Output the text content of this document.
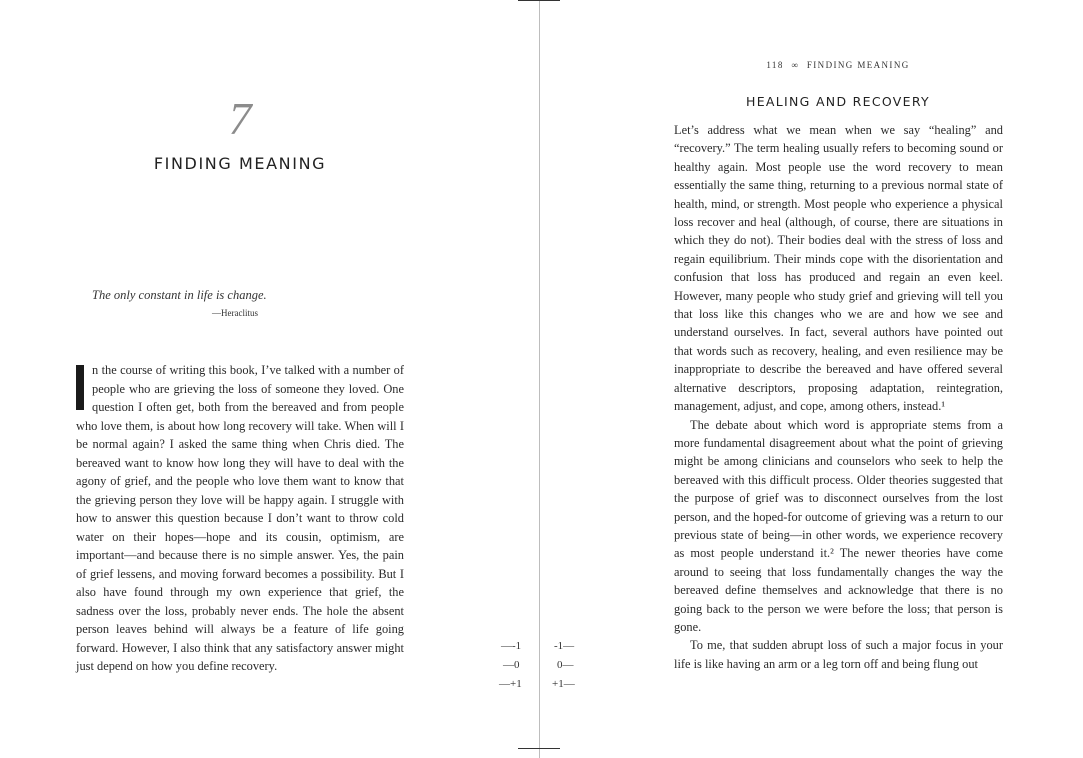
7
FINDING MEANING
The only constant in life is change.
—Heraclitus

n the course of writing this book, I’ve talked with a number of people who are grieving the loss of someone they loved. One question I often get, both from the bereaved and from people who love them, is about how long recovery will take. When will I be normal again? I asked the same thing when Chris died. The bereaved want to know how long they will have to deal with the agony of grief, and the people who love them want to know that the grieving person they love will be happy again. I struggle with how to answer this question because I don’t want to throw cold water on their hopes—hope and its cousin, optimism, are important—and because there is no simple answer. Yes, the pain of grief lessens, and moving forward becomes a possibility. But I also have found through my own experience that grief, the sadness over the loss, probably never ends. The hole the absent person leaves behind will always be a feature of life going forward. However, I also think that any satisfactory answer might just depend on how you define recovery.

118 ∞ FINDING MEANING
HEALING AND RECOVERY

Let’s address what we mean when we say “healing” and “recovery.” The term healing usually refers to becoming sound or healthy again. Most people use the word recovery to mean essentially the same thing, returning to a previous normal state of health, mind, or strength. Most people who experience a physical loss recover and heal (although, of course, there are situations in which they do not). Their bodies deal with the stress of loss and regain equilibrium. Their minds cope with the disorientation and confusion that loss has produced and regain an even keel. However, many people who study grief and grieving will tell you that loss like this changes who we are and how we see and understand ourselves. In fact, several authors have pointed out that words such as recovery, healing, and even resilience may be inappropriate to describe the bereaved and have offered several alternative descriptors, proposing adaptation, reintegration, management, adjust, and cope, among others, instead.¹

The debate about which word is appropriate stems from a more fundamental disagreement about what the point of grieving might be among clinicians and counselors who seek to help the bereaved with this difficult process. Older theories suggested that the purpose of grief was to disconnect ourselves from the lost person, and the hoped-for outcome of grieving was a return to our previous state of being—in other words, we experience recovery as most people understand it.² The newer theories have come around to seeing that loss fundamentally changes the way the bereaved define themselves and acknowledge that there is no going back to the person we were before the loss; that person is gone.

To me, that sudden abrupt loss of such a major focus in your life is like having an arm or a leg torn off and being flung out

—-1
—0
—+1
-1—
0—
+1—
